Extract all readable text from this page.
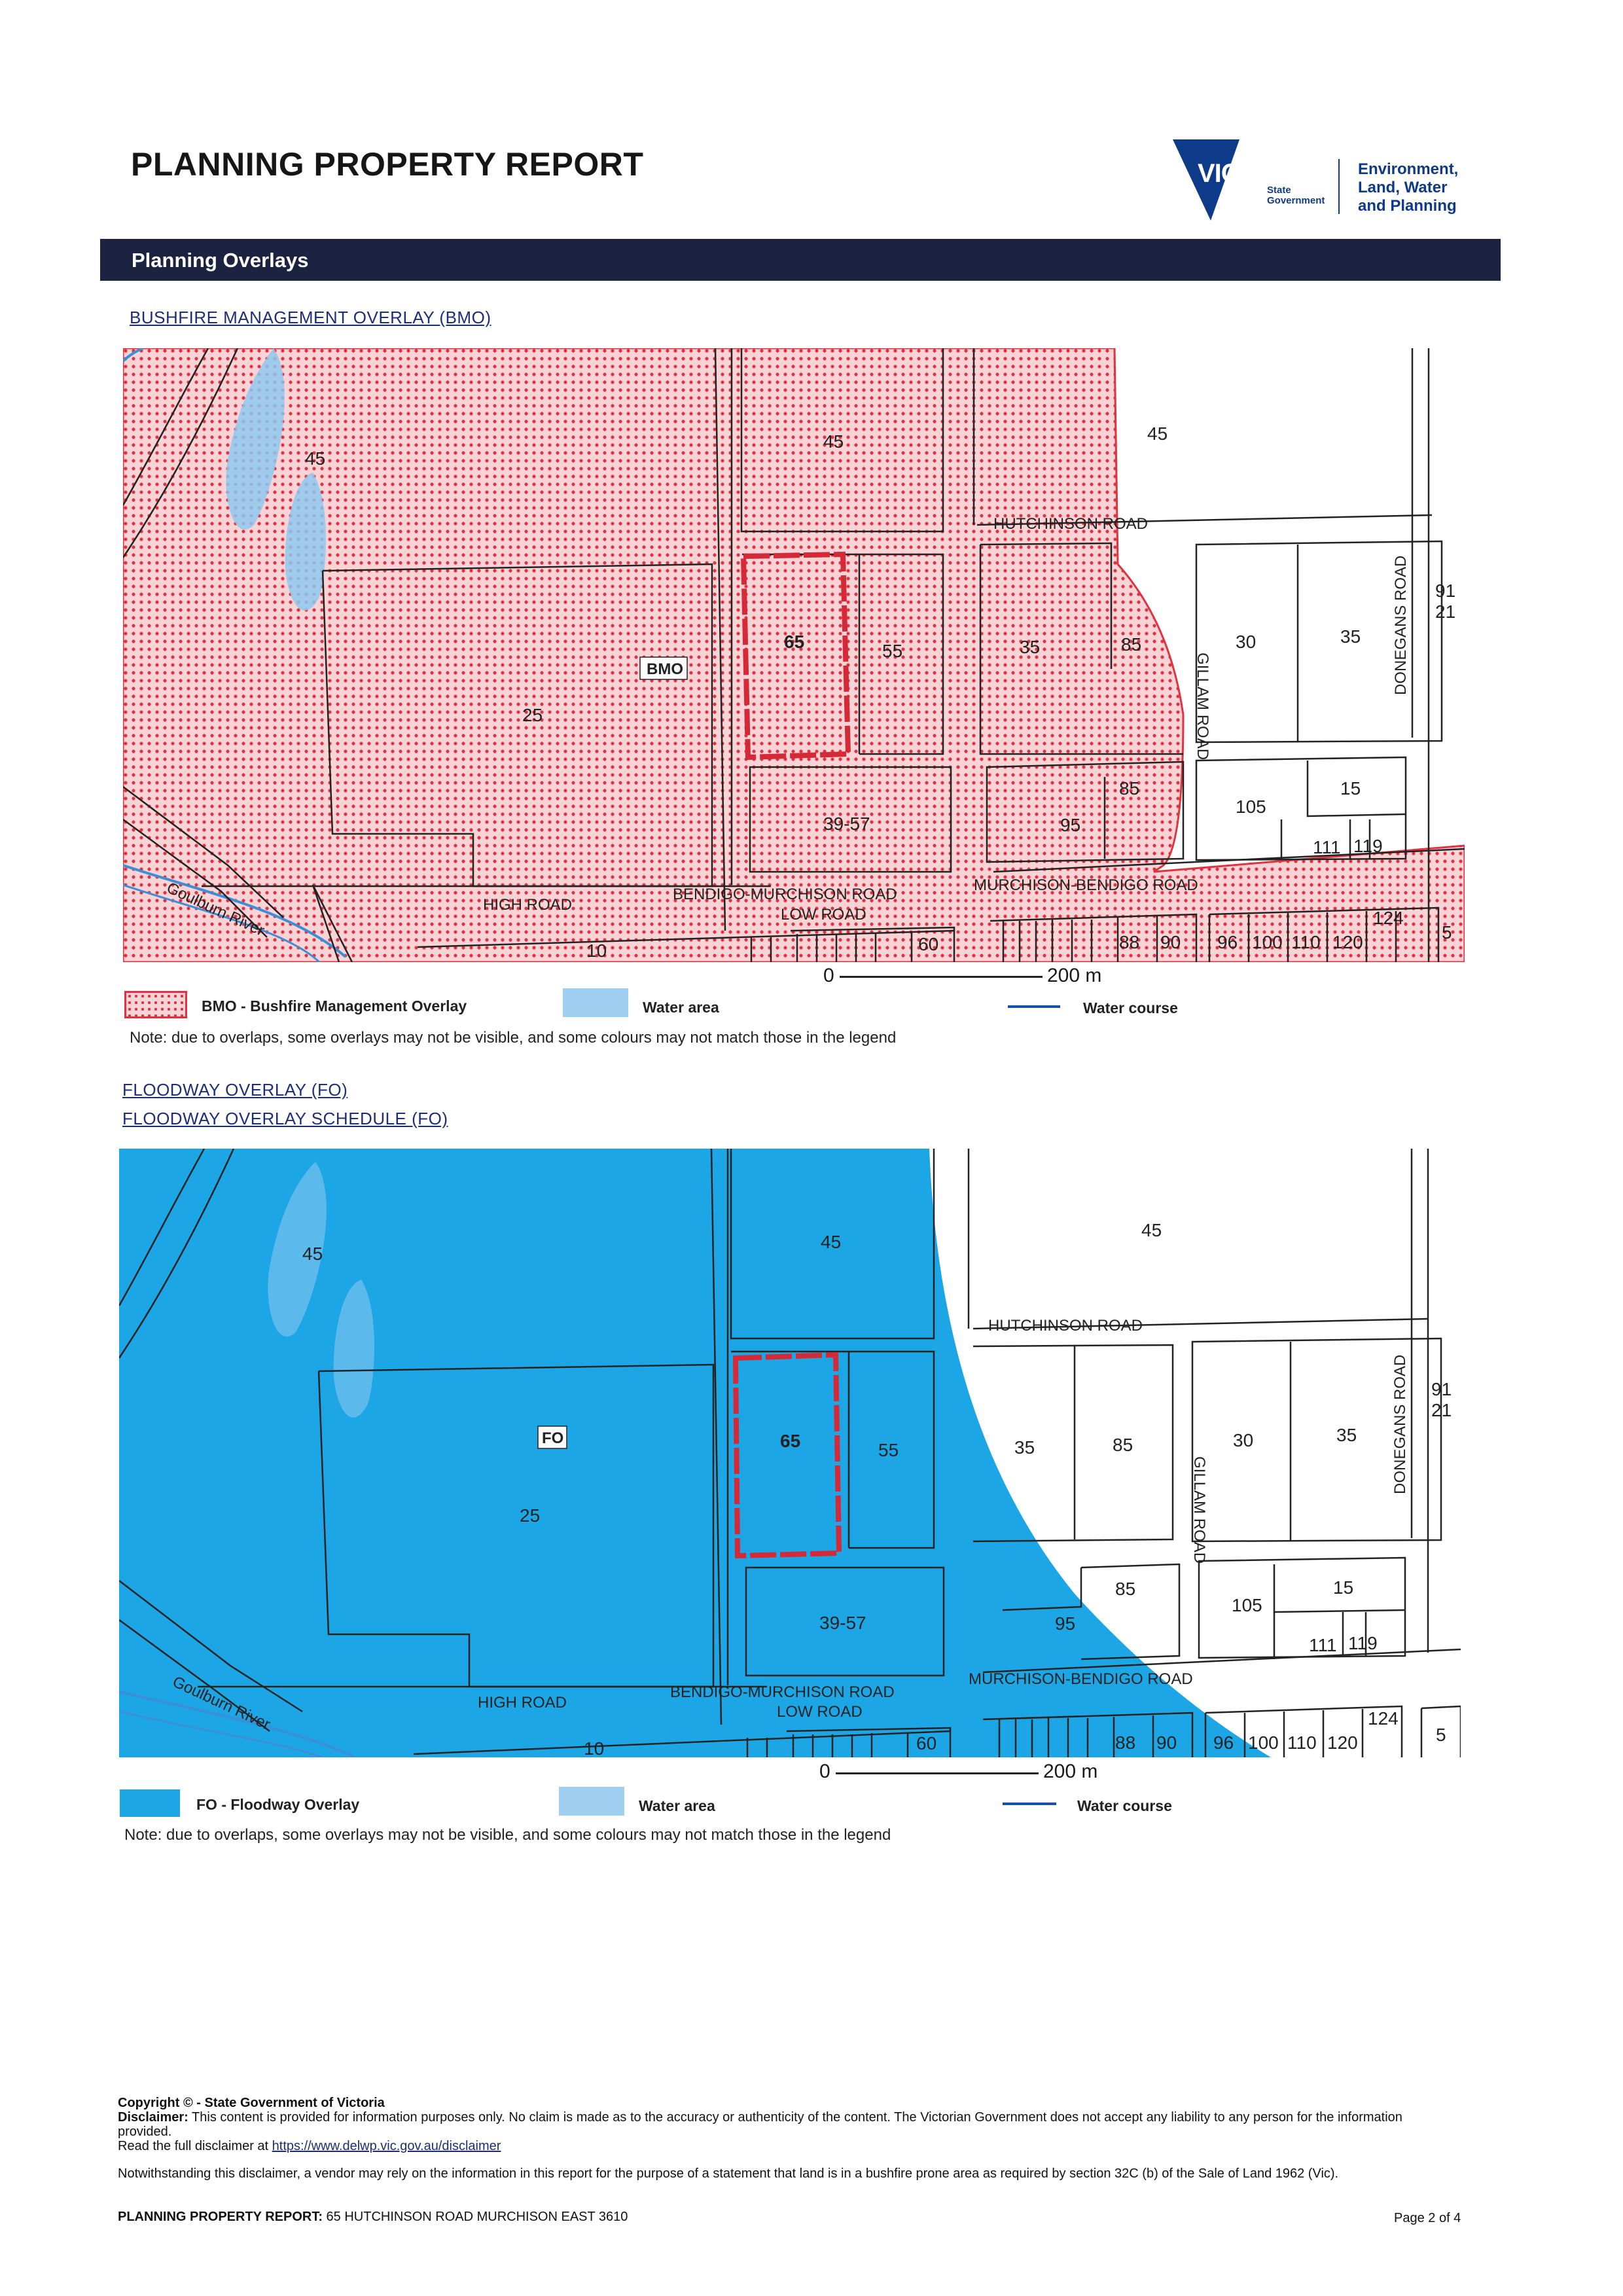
PLANNING PROPERTY REPORT	VICTORIA
State
Government
Environment,
Land, Water
and Planning
Planning Overlays
BUSHFIRE MANAGEMENT OVERLAY (BMO)
45
45	45
25
65	55	35	85	30	35
91
21
39-57
85
95
105
15
111 119
10	60	88 90 96 100 110 120
124
5
BMO
HUTCHINSON ROAD
DONEGANS ROAD
GILLAM ROAD
HIGH ROAD
BENDIGO-MURCHISON ROAD
LOW ROAD
MURCHISON-BENDIGO ROAD
Goulburn River
0	200 m
BMO - Bushfire Management Overlay	Water area	Water course
Note: due to overlaps, some overlays may not be visible, and some colours may not match those in the legend
FLOODWAY OVERLAY (FO)
FLOODWAY OVERLAY SCHEDULE (FO)
45
45
45
25
65	55	35	85	30	35
91
21
39-57
85
95
105
15
111 119
10	60	88 90 96 100 110 120
124
5
FO
HUTCHINSON ROAD
DONEGANS ROAD
GILLAM ROAD
HIGH ROAD
BENDIGO-MURCHISON ROAD
LOW ROAD
MURCHISON-BENDIGO ROAD
Goulburn River
0	200 m
FO - Floodway Overlay	Water area	Water course
Note: due to overlaps, some overlays may not be visible, and some colours may not match those in the legend
Copyright © - State Government of Victoria
Disclaimer: This content is provided for information purposes only. No claim is made as to the accuracy or authenticity of the content. The Victorian Government does not accept any liability to any person for the information provided.
Read the full disclaimer at https://www.delwp.vic.gov.au/disclaimer
Notwithstanding this disclaimer, a vendor may rely on the information in this report for the purpose of a statement that land is in a bushfire prone area as required by section 32C (b) of the Sale of Land 1962 (Vic).
PLANNING PROPERTY REPORT: 65 HUTCHINSON ROAD MURCHISON EAST 3610	Page 2 of 4
